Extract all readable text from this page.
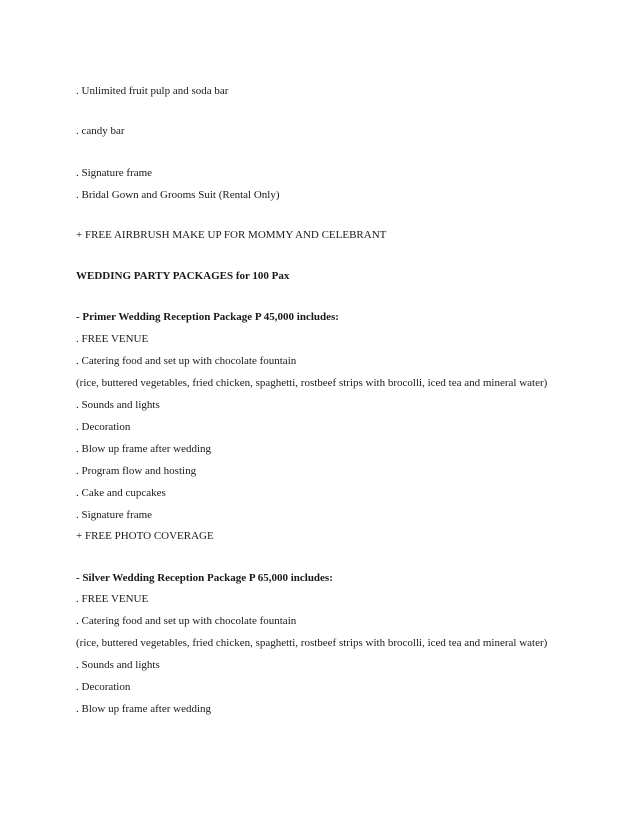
. Unlimited fruit pulp and soda bar
. candy bar
. Signature frame
. Bridal Gown and Grooms Suit (Rental Only)
+ FREE AIRBRUSH MAKE UP FOR MOMMY AND CELEBRANT
WEDDING PARTY PACKAGES for 100 Pax
- Primer Wedding Reception Package P 45,000 includes:
. FREE VENUE
. Catering food and set up with chocolate fountain
(rice, buttered vegetables, fried chicken, spaghetti, rostbeef strips with brocolli, iced tea and mineral water)
. Sounds and lights
. Decoration
. Blow up frame after wedding
. Program flow and hosting
. Cake and cupcakes
. Signature frame
+ FREE PHOTO COVERAGE
- Silver Wedding Reception Package P 65,000 includes:
. FREE VENUE
. Catering food and set up with chocolate fountain
(rice, buttered vegetables, fried chicken, spaghetti, rostbeef strips with brocolli, iced tea and mineral water)
. Sounds and lights
. Decoration
. Blow up frame after wedding
